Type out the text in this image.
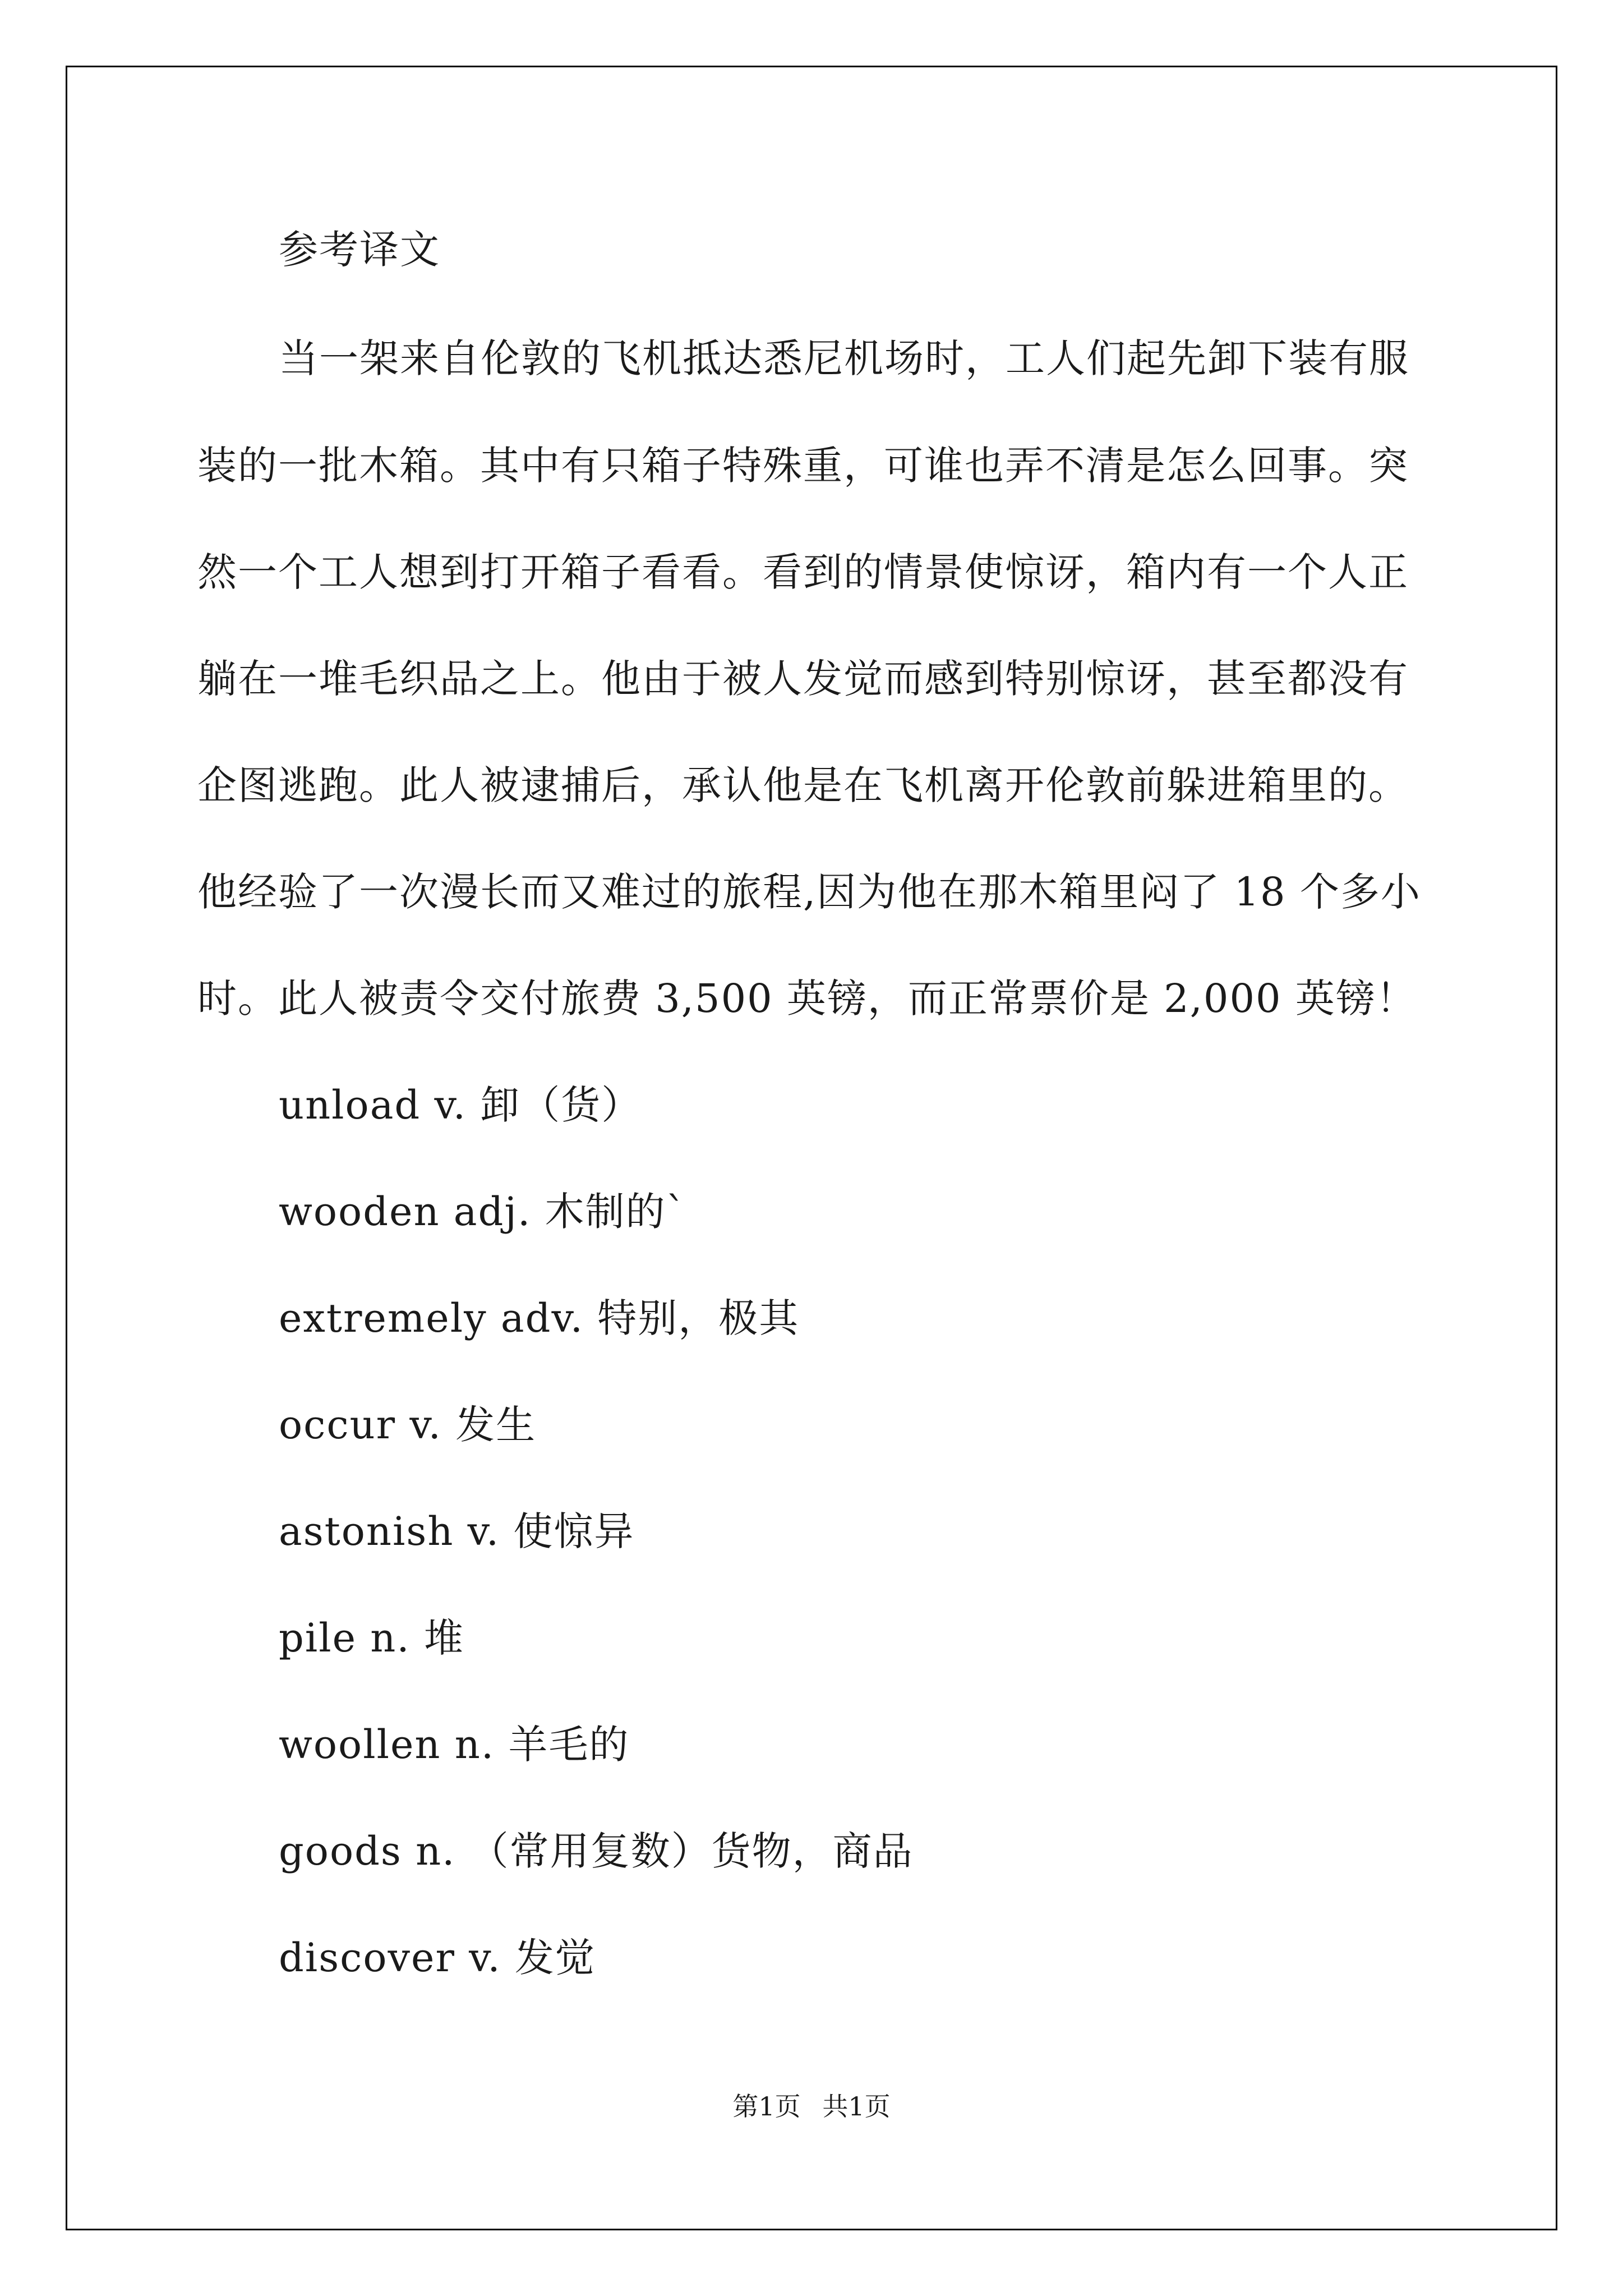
参考译文
当一架来自伦敦的飞机抵达悉尼机场时，工人们起先卸下装有服
装的一批木箱。其中有只箱子特殊重，可谁也弄不清是怎么回事。突
然一个工人想到打开箱子看看。看到的情景使惊讶，箱内有一个人正
躺在一堆毛织品之上。他由于被人发觉而感到特别惊讶，甚至都没有
企图逃跑。此人被逮捕后，承认他是在飞机离开伦敦前躲进箱里的。
他经验了一次漫长而又难过的旅程,因为他在那木箱里闷了 18 个多小
时。此人被责令交付旅费 3,500 英镑，而正常票价是 2,000 英镑！
unload v. 卸（货）
wooden adj. 木制的`
extremely adv. 特别，极其
occur v. 发生
astonish v. 使惊异
pile n. 堆
woollen n. 羊毛的
goods n. （常用复数）货物，商品
discover v. 发觉
第1页 共1页
